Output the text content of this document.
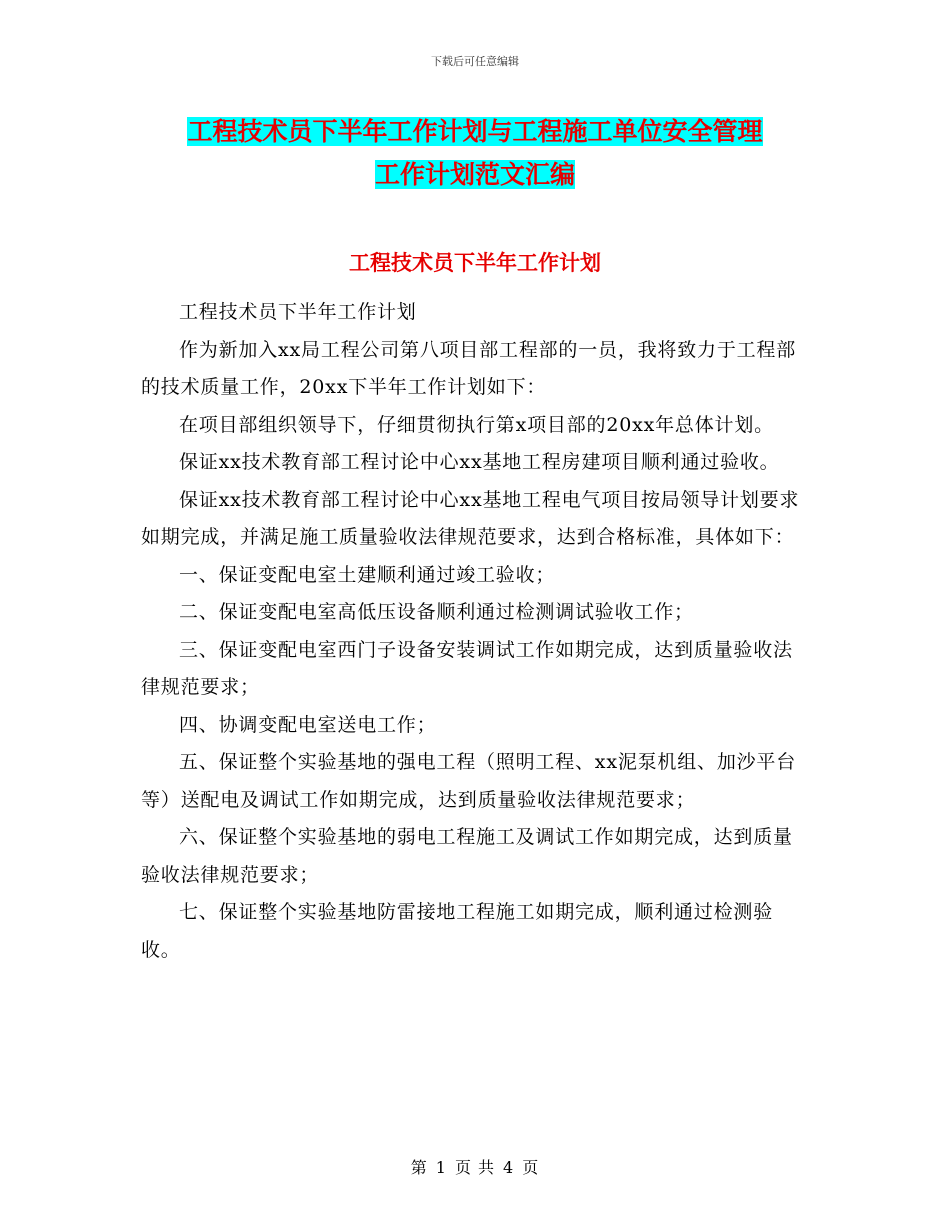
下载后可任意编辑
工程技术员下半年工作计划与工程施工单位安全管理
工作计划范文汇编
工程技术员下半年工作计划

工程技术员下半年工作计划

作为新加入xx局工程公司第八项目部工程部的一员，我将致力于工程部的技术质量工作，20xx下半年工作计划如下：

在项目部组织领导下，仔细贯彻执行第x项目部的20xx年总体计划。

保证xx技术教育部工程讨论中心xx基地工程房建项目顺利通过验收。

保证xx技术教育部工程讨论中心xx基地工程电气项目按局领导计划要求如期完成，并满足施工质量验收法律规范要求，达到合格标准，具体如下：

一、保证变配电室土建顺利通过竣工验收；

二、保证变配电室高低压设备顺利通过检测调试验收工作；

三、保证变配电室西门子设备安装调试工作如期完成，达到质量验收法律规范要求；

四、协调变配电室送电工作；

五、保证整个实验基地的强电工程（照明工程、xx泥泵机组、加沙平台等）送配电及调试工作如期完成，达到质量验收法律规范要求；

六、保证整个实验基地的弱电工程施工及调试工作如期完成，达到质量验收法律规范要求；

七、保证整个实验基地防雷接地工程施工如期完成，顺利通过检测验收。

第 1 页 共 4 页
